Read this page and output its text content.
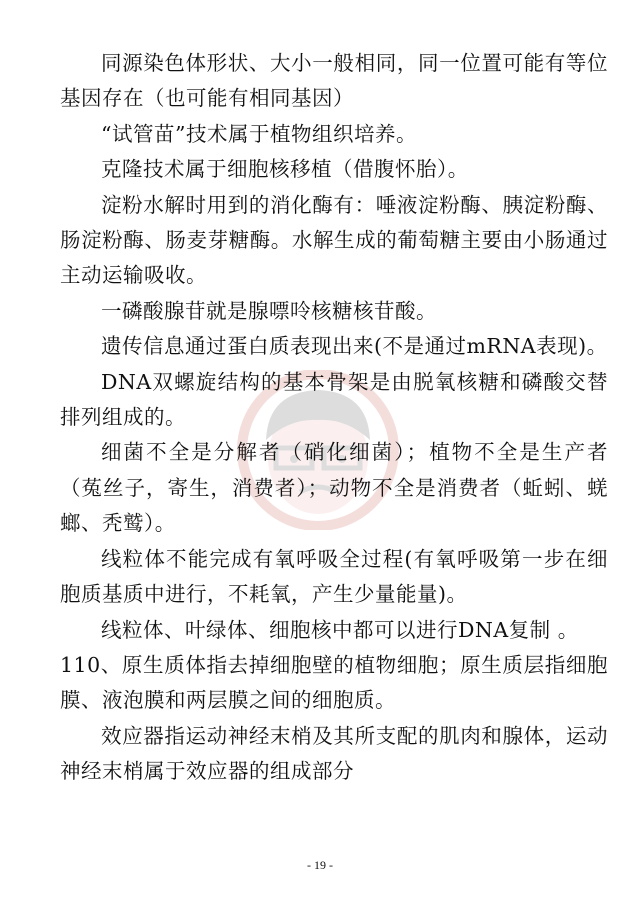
同源染色体形状、大小一般相同，同一位置可能有等位基因存在（也可能有相同基因）

“试管苗”技术属于植物组织培养。

克隆技术属于细胞核移植（借腹怀胎）。

淀粉水解时用到的消化酶有：唾液淀粉酶、胰淀粉酶、肠淀粉酶、肠麦芽糖酶。水解生成的葡萄糖主要由小肠通过主动运输吸收。

一磷酸腺苷就是腺嘌呤核糖核苷酸。

遗传信息通过蛋白质表现出来(不是通过mRNA表现)。

DNA双螺旋结构的基本骨架是由脱氧核糖和磷酸交替排列组成的。

细菌不全是分解者（硝化细菌）；植物不全是生产者（菟丝子，寄生，消费者）；动物不全是消费者（蚯蚓、蜣螂、秃鹫）。

线粒体不能完成有氧呼吸全过程(有氧呼吸第一步在细胞质基质中进行，不耗氧，产生少量能量)。

线粒体、叶绿体、细胞核中都可以进行DNA复制 。

110、原生质体指去掉细胞壁的植物细胞；原生质层指细胞膜、液泡膜和两层膜之间的细胞质。

效应器指运动神经末梢及其所支配的肌肉和腺体，运动神经末梢属于效应器的组成部分

- 19 -
